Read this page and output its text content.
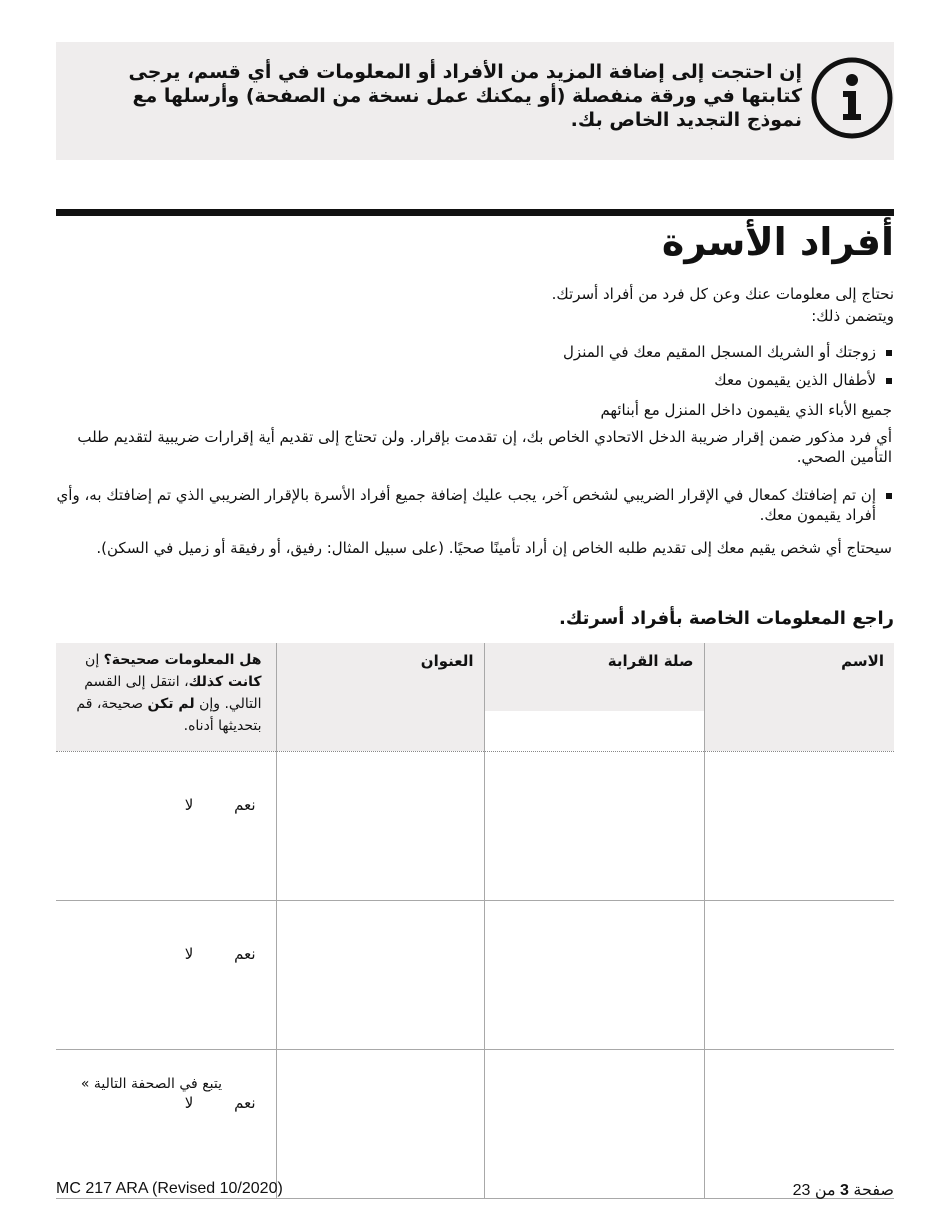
إن احتجت إلى إضافة المزيد من الأفراد أو المعلومات في أي قسم، يرجى كتابتها في ورقة منفصلة (أو يمكنك عمل نسخة من الصفحة) وأرسلها مع نموذج التجديد الخاص بك.
أفراد الأسرة

نحتاج إلى معلومات عنك وعن كل فرد من أفراد أسرتك.

ويتضمن ذلك:

زوجتك أو الشريك المسجل المقيم معك في المنزل

لأطفال الذين يقيمون معك

جميع الأباء الذي يقيمون داخل المنزل مع أبنائهم

أي فرد مذكور ضمن إقرار ضريبة الدخل الاتحادي الخاص بك، إن تقدمت بإقرار. ولن تحتاج إلى تقديم أية إقرارات ضريبية لتقديم طلب التأمين الصحي.

إن تم إضافتك كمعال في الإقرار الضريبي لشخص آخر، يجب عليك إضافة جميع أفراد الأسرة بالإقرار الضريبي الذي تم إضافتك به، وأي أفراد يقيمون معك.

سيحتاج أي شخص يقيم معك إلى تقديم طلبه الخاص إن أراد تأمينًا صحيًا. (على سبيل المثال: رفيق، أو رفيقة أو زميل في السكن).

راجع المعلومات الخاصة بأفراد أسرتك.
الاسم	صلة القرابة	العنوان	هل المعلومات صحيحة؟ إن كانت كذلك، انتقل إلى القسم التالي. وإن لم تكن صحيحة، قم بتحديثها أدناه.

			نعم لا
			نعم لا
			نعم لا
يتبع في الصحفة التالية »
MC 217 ARA (Revised 10/2020)	صفحة 3 من 23
